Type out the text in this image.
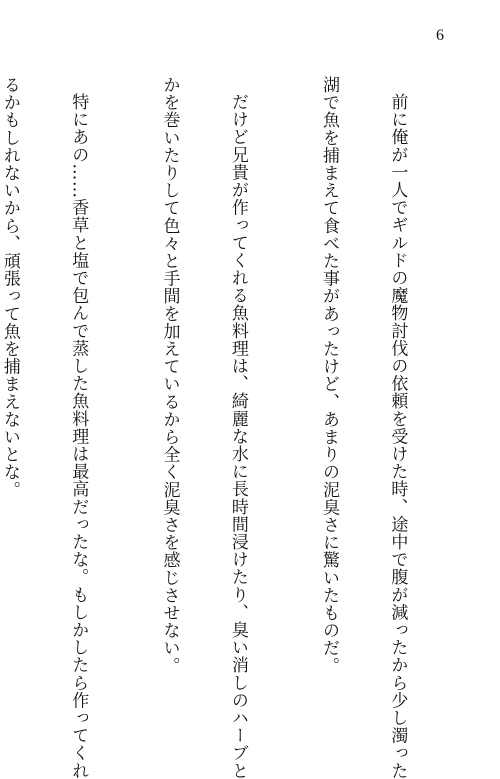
6

前に俺が一人でギルドの魔物討伐の依頼を受けた時、途中で腹が減ったから少し濁った

湖で魚を捕まえて食べた事があったけど、あまりの泥臭さに驚いたものだ。

だけど兄貴が作ってくれる魚料理は、綺麗な水に長時間浸けたり、臭い消しのハーブと

かを巻いたりして色々と手間を加えているから全く泥臭さを感じさせない。

特にあの……香草と塩で包んで蒸した魚料理は最高だったな。もしかしたら作ってくれ

るかもしれないから、頑張って魚を捕まえないとな。
